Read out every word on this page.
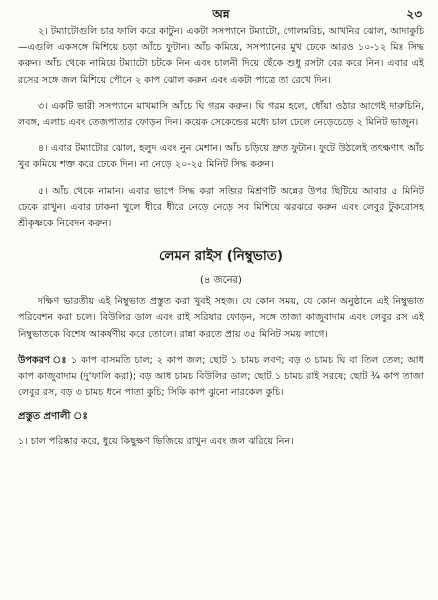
অন্ন	২৩

২। টম্যাটোগুলি চার ফালি করে কাটুন। একটা সসপ্যানে টম্যাটো, গোলমরিচ, আখনির ঝোল, আদাকুচি —এগুলি একসঙ্গে মিশিয়ে চড়া আঁচে ফুটান। আঁচ কমিয়ে, সসপ্যানের মুখ ঢেকে আরও ১০-১২ মিঃ সিদ্ধ করুন। আঁচ থেকে নামিয়ে টম্যাটো চটকে নিন এবং চালনী দিয়ে ছেঁকে শুধু রসটা বের করে নিন। এবার এই রসের সঙ্গে জল মিশিয়ে পৌনে ২ কাপ ঝোল করুন এবং একটা পাত্রে তা রেখে দিন।

৩। একটি ভারী সসপ্যানে মাখমাসি আঁচে ঘি গরম করুন। ঘি গরম হলে, ধোঁয়া ওঠার আগেই দারুচিনি, লবঙ্গ, এলাচ এবং তেজপাতার ফোড়ন দিন। কয়েক সেকেন্ডের মধ্যে চাল ঢেলে নেড়েচেড়ে ২ মিনিট ভাজুন।

৪। এবার টম্যাটোর ঝোল, হলুদ এবং নুন মেশান। আঁচ চড়িয়ে দ্রুত ফুটান। ফুটে উঠলেই তৎক্ষণাৎ আঁচ খুব কমিয়ে শক্ত করে ঢেকে দিন। না নেড়ে ২০-২৫ মিনিট সিদ্ধ করুন।

৫। আঁচ থেকে নামান। এবার ভাপে সিদ্ধ করা সব্জির মিশ্রণটি অন্নের উপর ছিটিয়ে আবার ৫ মিনিট ঢেকে রাখুন। এবার ঢাকনা খুলে ধীরে ধীরে নেড়ে নেড়ে সব মিশিয়ে ঝরঝরে করুন এবং লেবুর টুকরোসহ শ্রীকৃষ্ণকে নিবেদন করুন।

লেমন রাইস (নিম্বুভাত)
(৪ জনের)

দক্ষিণ ভারতীয় এই নিম্বুভাত প্রস্তুত করা খুবই সহজ। যে কোন সময়, যে কোন অনুষ্ঠানে এই নিম্বুভাত পরিবেশন করা চলে। বিউলির ডাল এবং রাই সরিষার ফোড়ন, সঙ্গে তাজা কাজুবাদাম এবং লেবুর রস এই নিম্বুভাতকে বিশেষ আকর্ষণীয় করে তোলে। রান্না করতে প্রায় ৩৫ মিনিট সময় লাগে।

উপকরণ ঃ ১ কাপ বাসমতি চাল; ২ কাপ জল; ছোট ১ চামচ লবণ; বড় ৩ চামচ ঘি বা তিল তেল; আধ কাপ কাজুবাদাম (দু'ফালি করা); বড় আধ চামচ বিউলির ডাল; ছোট ১ চামচ রাই সরষে; ছোট ¾ কাপ তাজা লেবুর রস, বড় ৩ চামচ ধনে পাতা কুচি; সিকি কাপ ঝুনো নারকেল কুচি।

প্রস্তুত প্রণালী ঃ

১। চাল পরিষ্কার করে, ধুয়ে কিছুক্ষণ ভিজিয়ে রাখুন এবং জল ঝরিয়ে নিন।
